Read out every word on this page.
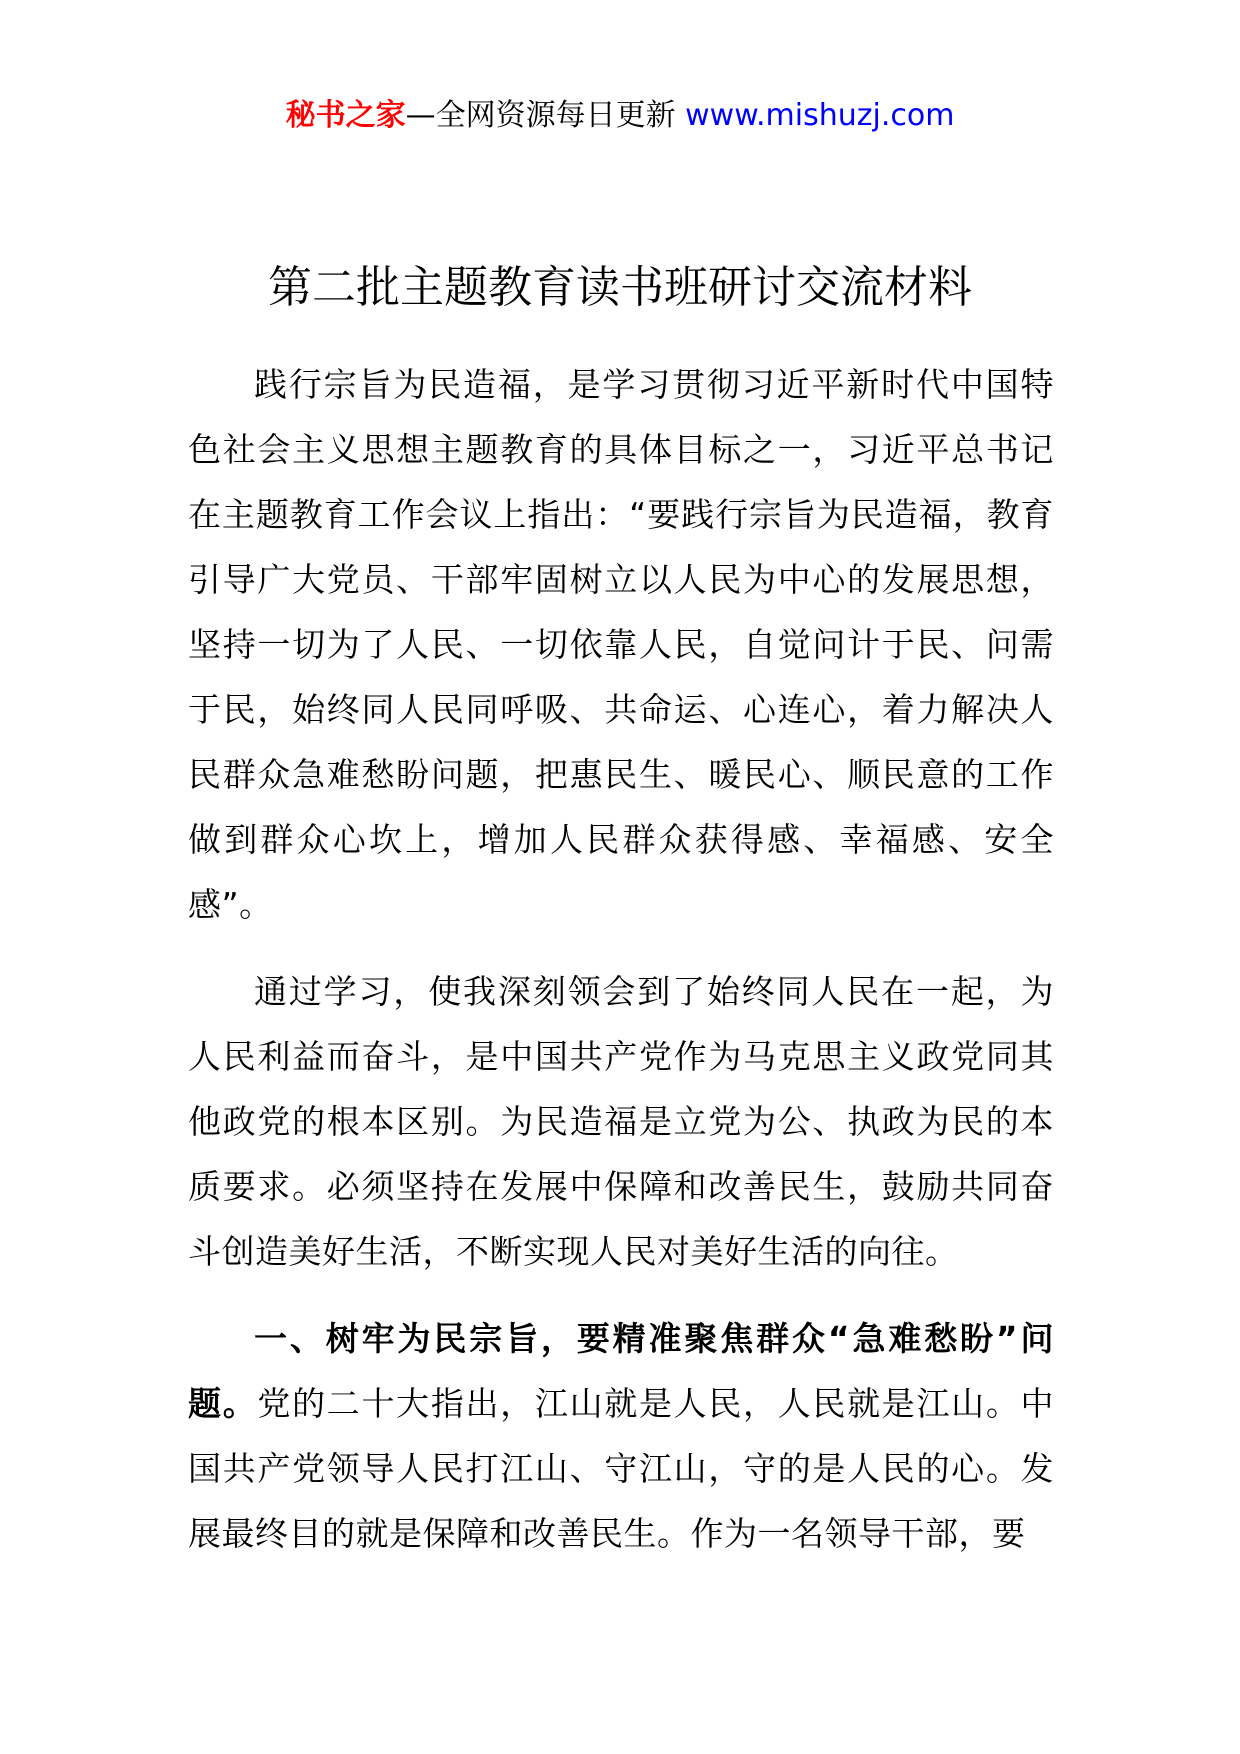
秘书之家—全网资源每日更新 www.mishuzj.com
第二批主题教育读书班研讨交流材料

践行宗旨为民造福，是学习贯彻习近平新时代中国特色社会主义思想主题教育的具体目标之一，习近平总书记在主题教育工作会议上指出：“要践行宗旨为民造福，教育引导广大党员、干部牢固树立以人民为中心的发展思想，坚持一切为了人民、一切依靠人民，自觉问计于民、问需于民，始终同人民同呼吸、共命运、心连心，着力解决人民群众急难愁盼问题，把惠民生、暖民心、顺民意的工作做到群众心坎上，增加人民群众获得感、幸福感、安全感”。

通过学习，使我深刻领会到了始终同人民在一起，为人民利益而奋斗，是中国共产党作为马克思主义政党同其他政党的根本区别。为民造福是立党为公、执政为民的本质要求。必须坚持在发展中保障和改善民生，鼓励共同奋斗创造美好生活，不断实现人民对美好生活的向往。

一、树牢为民宗旨，要精准聚焦群众“急难愁盼”问题。党的二十大指出，江山就是人民，人民就是江山。中国共产党领导人民打江山、守江山，守的是人民的心。发展最终目的就是保障和改善民生。作为一名领导干部，要
